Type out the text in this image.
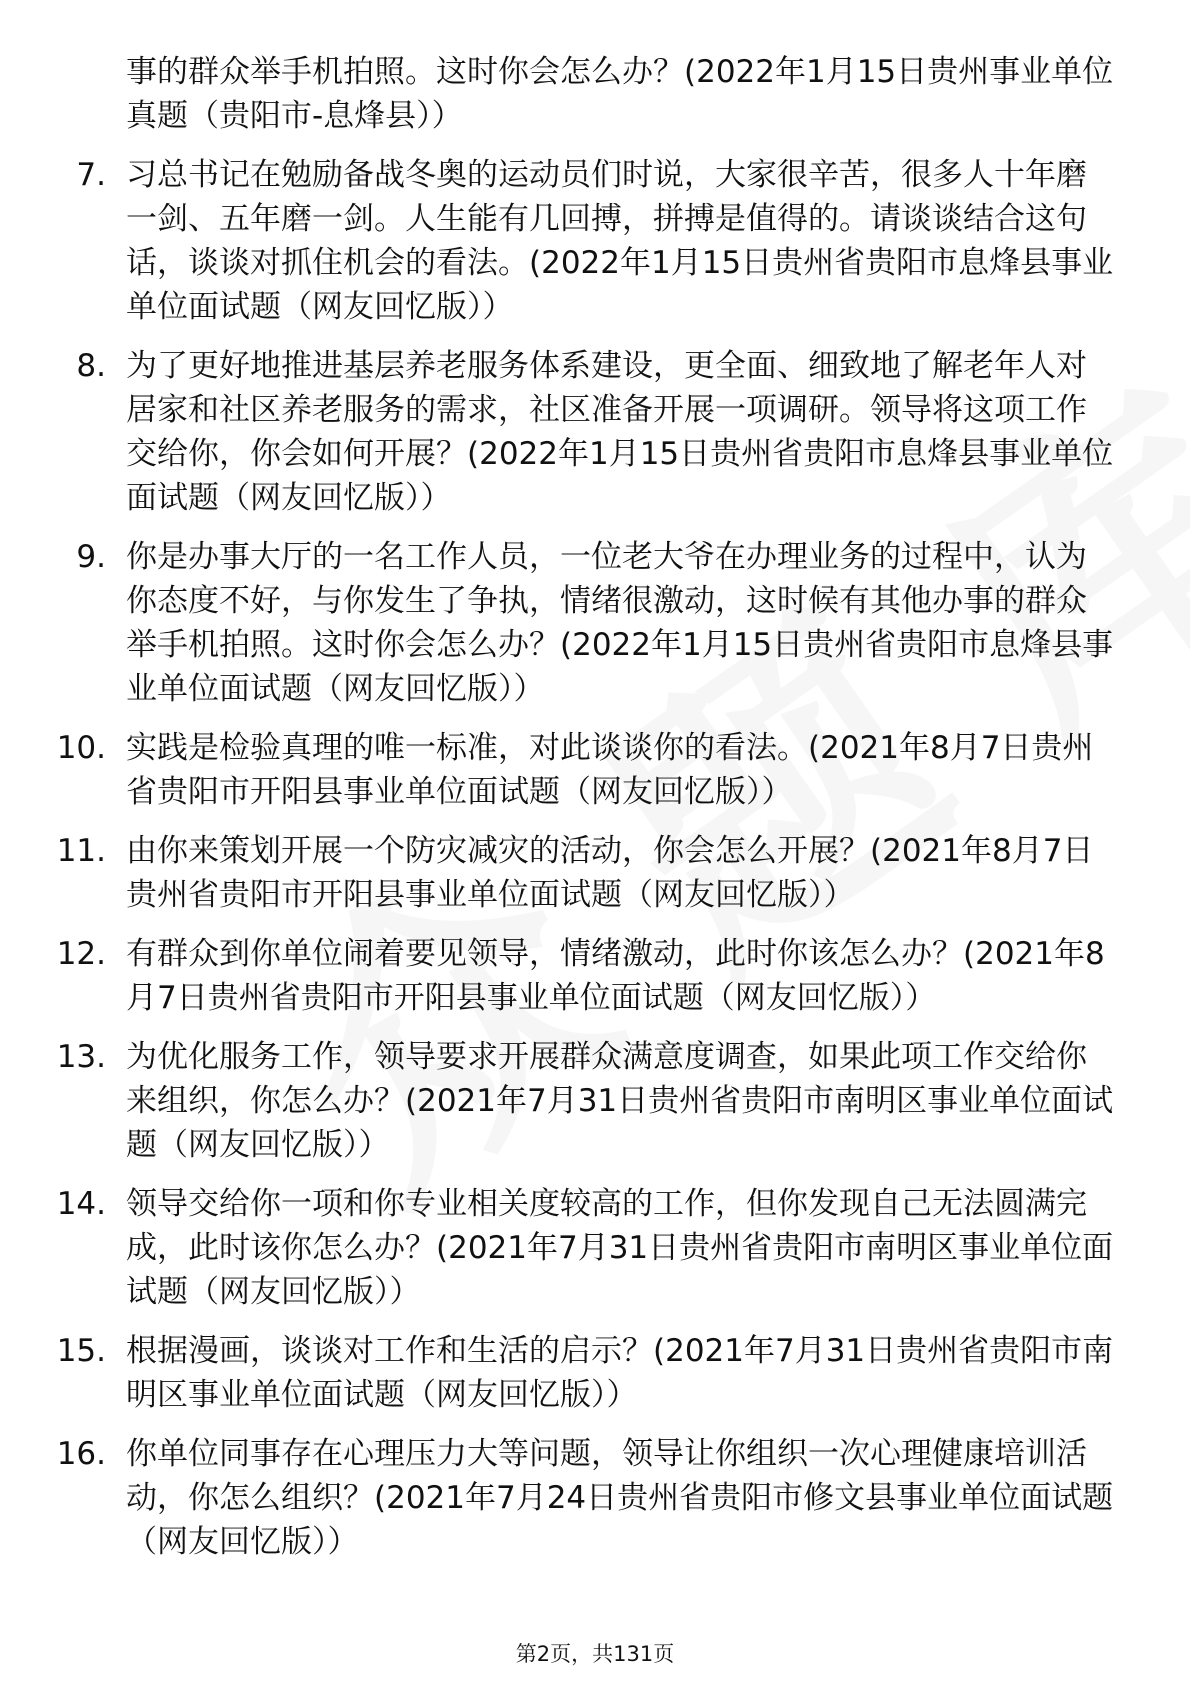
事的群众举手机拍照。这时你会怎么办？(2022年1月15日贵州事业单位真题（贵阳市-息烽县））
7. 习总书记在勉励备战冬奥的运动员们时说，大家很辛苦，很多人十年磨一剑、五年磨一剑。人生能有几回搏，拼搏是值得的。请谈谈结合这句话，谈谈对抓住机会的看法。(2022年1月15日贵州省贵阳市息烽县事业单位面试题（网友回忆版））
8. 为了更好地推进基层养老服务体系建设，更全面、细致地了解老年人对居家和社区养老服务的需求，社区准备开展一项调研。领导将这项工作交给你，你会如何开展？(2022年1月15日贵州省贵阳市息烽县事业单位面试题（网友回忆版））
9. 你是办事大厅的一名工作人员，一位老大爷在办理业务的过程中，认为你态度不好，与你发生了争执，情绪很激动，这时候有其他办事的群众举手机拍照。这时你会怎么办？(2022年1月15日贵州省贵阳市息烽县事业单位面试题（网友回忆版））
10. 实践是检验真理的唯一标准，对此谈谈你的看法。(2021年8月7日贵州省贵阳市开阳县事业单位面试题（网友回忆版））
11. 由你来策划开展一个防灾减灾的活动，你会怎么开展？(2021年8月7日贵州省贵阳市开阳县事业单位面试题（网友回忆版））
12. 有群众到你单位闹着要见领导，情绪激动，此时你该怎么办？(2021年8月7日贵州省贵阳市开阳县事业单位面试题（网友回忆版））
13. 为优化服务工作，领导要求开展群众满意度调查，如果此项工作交给你来组织，你怎么办？(2021年7月31日贵州省贵阳市南明区事业单位面试题（网友回忆版））
14. 领导交给你一项和你专业相关度较高的工作，但你发现自己无法圆满完成，此时该你怎么办？(2021年7月31日贵州省贵阳市南明区事业单位面试题（网友回忆版））
15. 根据漫画，谈谈对工作和生活的启示？(2021年7月31日贵州省贵阳市南明区事业单位面试题（网友回忆版））
16. 你单位同事存在心理压力大等问题，领导让你组织一次心理健康培训活动，你怎么组织？(2021年7月24日贵州省贵阳市修文县事业单位面试题（网友回忆版））
第2页，共131页
